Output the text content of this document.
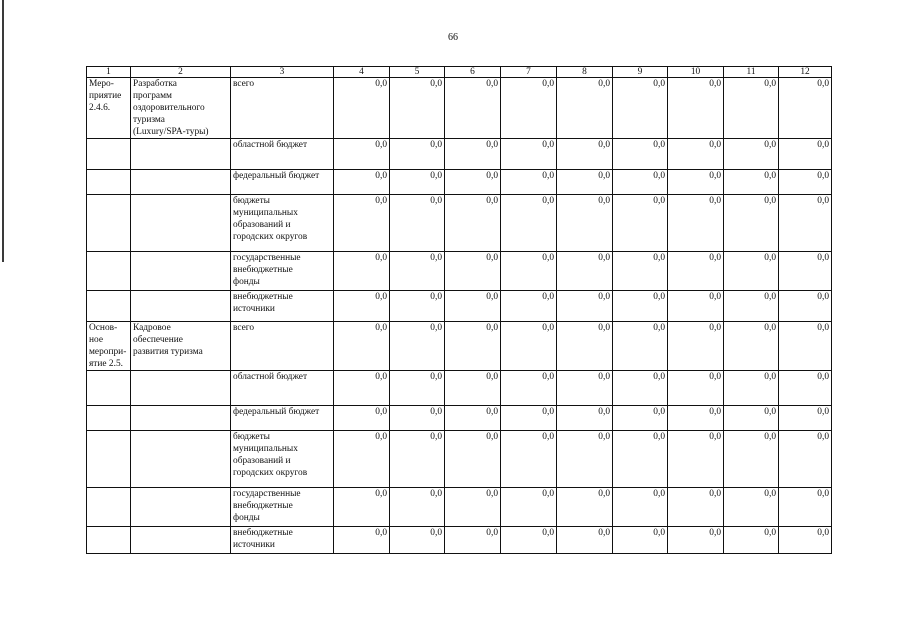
66
1	2	3	4	5	6	7	8	9	10	11	12
Меро-
приятие
2.4.6.	Разработка
программ
оздоровительного
туризма
(Luxury/SPA-туры)	всего	0,0	0,0	0,0	0,0	0,0	0,0	0,0	0,0	0,0
		областной бюджет	0,0	0,0	0,0	0,0	0,0	0,0	0,0	0,0	0,0
		федеральный бюджет	0,0	0,0	0,0	0,0	0,0	0,0	0,0	0,0	0,0
		бюджеты
муниципальных
образований и
городских округов	0,0	0,0	0,0	0,0	0,0	0,0	0,0	0,0	0,0
		государственные
внебюджетные
фонды	0,0	0,0	0,0	0,0	0,0	0,0	0,0	0,0	0,0
		внебюджетные
источники	0,0	0,0	0,0	0,0	0,0	0,0	0,0	0,0	0,0
Основ-
ное
меропри-
ятие 2.5.	Кадровое
обеспечение
развития туризма	всего	0,0	0,0	0,0	0,0	0,0	0,0	0,0	0,0	0,0
		областной бюджет	0,0	0,0	0,0	0,0	0,0	0,0	0,0	0,0	0,0
		федеральный бюджет	0,0	0,0	0,0	0,0	0,0	0,0	0,0	0,0	0,0
		бюджеты
муниципальных
образований и
городских округов	0,0	0,0	0,0	0,0	0,0	0,0	0,0	0,0	0,0
		государственные
внебюджетные
фонды	0,0	0,0	0,0	0,0	0,0	0,0	0,0	0,0	0,0
		внебюджетные
источники	0,0	0,0	0,0	0,0	0,0	0,0	0,0	0,0	0,0
